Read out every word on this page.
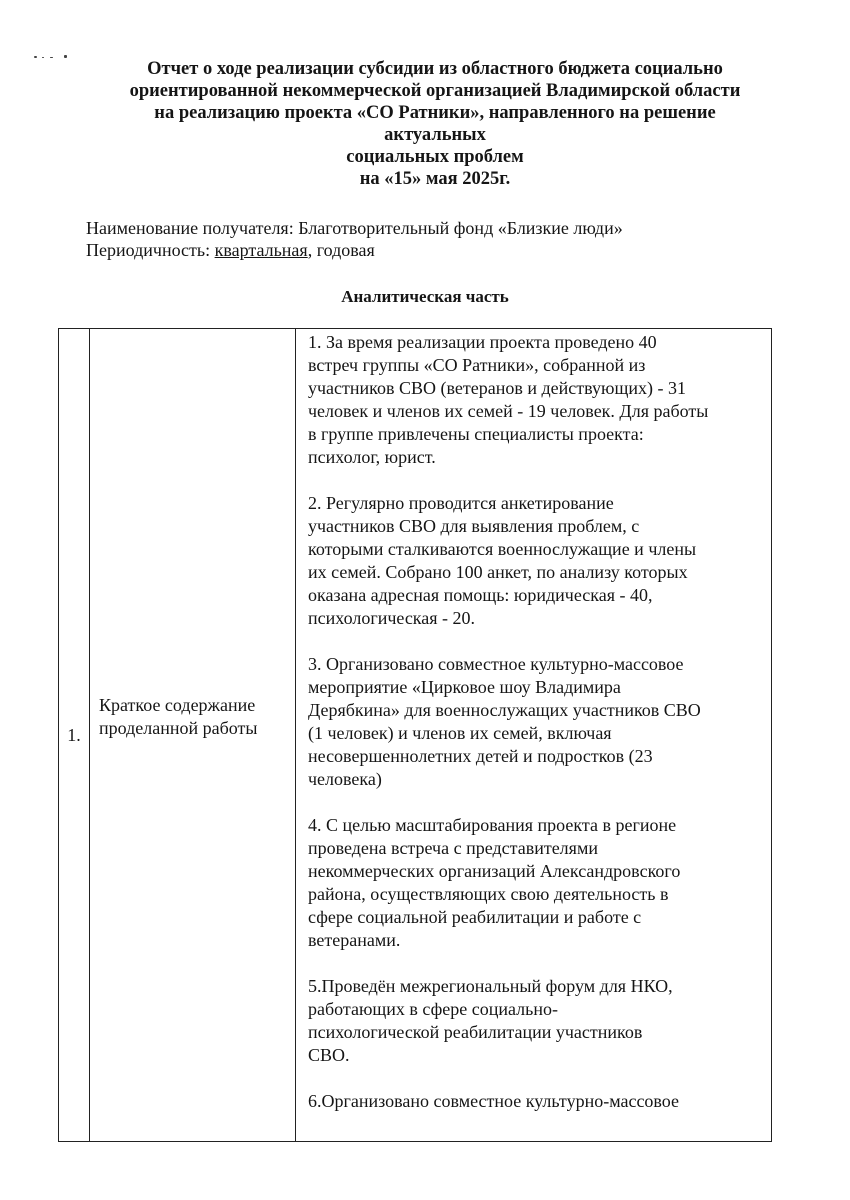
Отчет о ходе реализации субсидии из областного бюджета социально
ориентированной некоммерческой организацией Владимирской области
на реализацию проекта «СО Ратники», направленного на решение
актуальных
социальных проблем
на «15» мая 2025г.
Наименование получателя: Благотворительный фонд «Близкие люди»
Периодичность: квартальная, годовая
Аналитическая часть
1.
Краткое содержание
проделанной работы
1. За время реализации проекта проведено 40
встреч группы «СО Ратники», собранной из
участников СВО (ветеранов и действующих) - 31
человек и членов их семей - 19 человек. Для работы
в группе привлечены специалисты проекта:
психолог, юрист.
2. Регулярно проводится анкетирование
участников СВО для выявления проблем, с
которыми сталкиваются военнослужащие и члены
их семей. Собрано 100 анкет, по анализу которых
оказана адресная помощь: юридическая - 40,
психологическая - 20.
3. Организовано совместное культурно-массовое
мероприятие «Цирковое шоу Владимира
Дерябкина» для военнослужащих участников СВО
(1 человек) и членов их семей, включая
несовершеннолетних детей и подростков (23
человека)
4. С целью масштабирования проекта в регионе
проведена встреча с представителями
некоммерческих организаций Александровского
района, осуществляющих свою деятельность в
сфере социальной реабилитации и работе с
ветеранами.
5.Проведён межрегиональный форум для НКО,
работающих в сфере социально-
психологической реабилитации участников
СВО.
6.Организовано совместное культурно-массовое
